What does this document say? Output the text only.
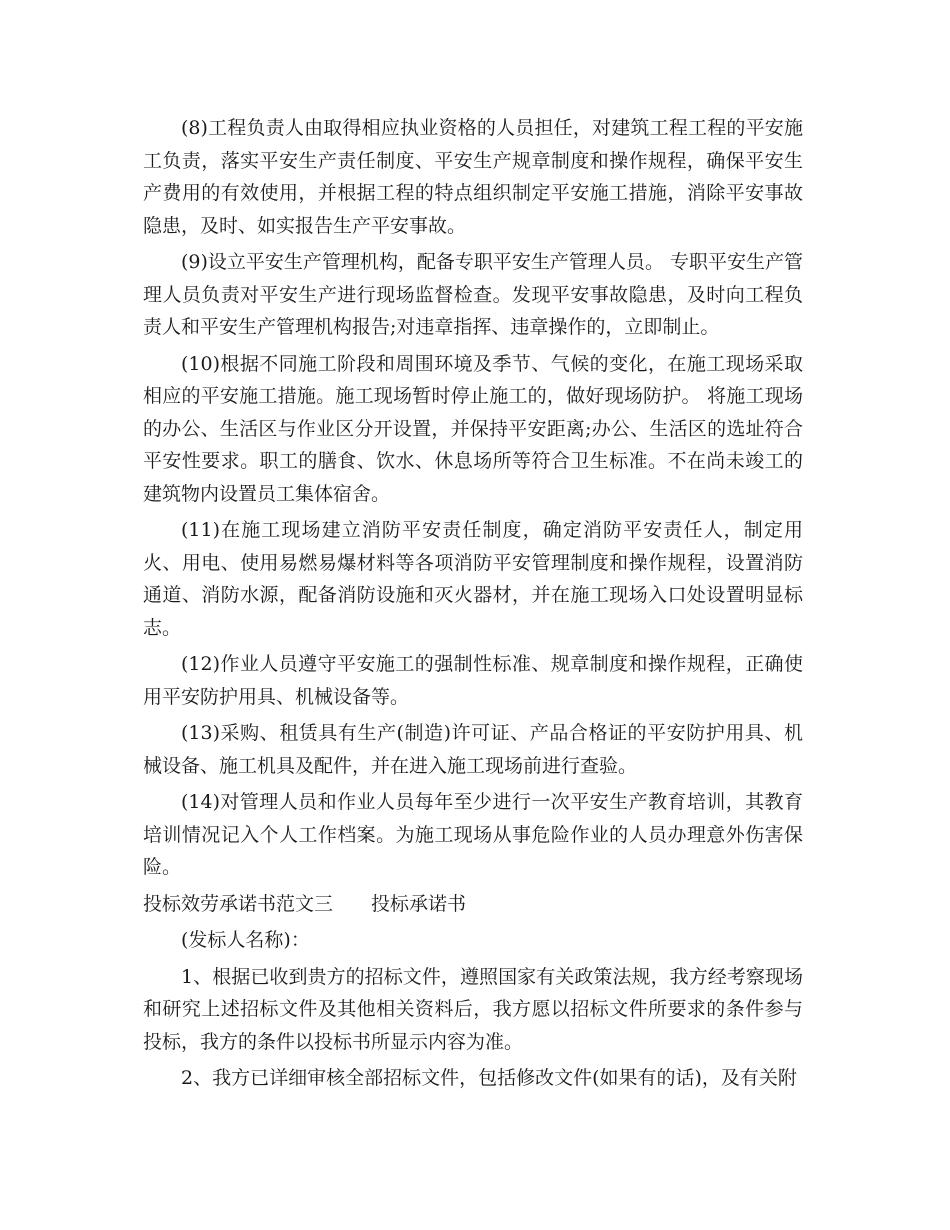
(8)工程负责人由取得相应执业资格的人员担任，对建筑工程工程的平安施工负责，落实平安生产责任制度、平安生产规章制度和操作规程，确保平安生产费用的有效使用，并根据工程的特点组织制定平安施工措施，消除平安事故隐患，及时、如实报告生产平安事故。

(9)设立平安生产管理机构，配备专职平安生产管理人员。 专职平安生产管理人员负责对平安生产进行现场监督检查。发现平安事故隐患，及时向工程负责人和平安生产管理机构报告;对违章指挥、违章操作的，立即制止。

(10)根据不同施工阶段和周围环境及季节、气候的变化，在施工现场采取相应的平安施工措施。施工现场暂时停止施工的，做好现场防护。 将施工现场的办公、生活区与作业区分开设置，并保持平安距离;办公、生活区的选址符合平安性要求。职工的膳食、饮水、休息场所等符合卫生标准。不在尚未竣工的建筑物内设置员工集体宿舍。

(11)在施工现场建立消防平安责任制度，确定消防平安责任人，制定用火、用电、使用易燃易爆材料等各项消防平安管理制度和操作规程，设置消防通道、消防水源，配备消防设施和灭火器材，并在施工现场入口处设置明显标志。

(12)作业人员遵守平安施工的强制性标准、规章制度和操作规程，正确使用平安防护用具、机械设备等。

(13)采购、租赁具有生产(制造)许可证、产品合格证的平安防护用具、机械设备、施工机具及配件，并在进入施工现场前进行查验。

(14)对管理人员和作业人员每年至少进行一次平安生产教育培训，其教育培训情况记入个人工作档案。为施工现场从事危险作业的人员办理意外伤害保险。

投标效劳承诺书范文三 投标承诺书

(发标人名称)：

1、根据已收到贵方的招标文件，遵照国家有关政策法规，我方经考察现场和研究上述招标文件及其他相关资料后，我方愿以招标文件所要求的条件参与投标，我方的条件以投标书所显示内容为准。

2、我方已详细审核全部招标文件，包括修改文件(如果有的话)，及有关附
